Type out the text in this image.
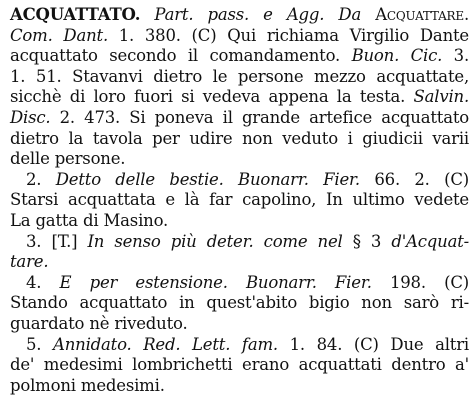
ACQUATTATO. Part. pass. e Agg. Da Acquattare.
Com. Dant. 1. 380. (C) Qui richiama Virgilio Dante
acquattato secondo il comandamento. Buon. Cic. 3.
1. 51. Stavanvi dietro le persone mezzo acquattate,
sicchè di loro fuori si vedeva appena la testa. Salvin.
Disc. 2. 473. Si poneva il grande artefice acquattato
dietro la tavola per udire non veduto i giudicii varii
delle persone.
2. Detto delle bestie. Buonarr. Fier. 66. 2. (C)
Starsi acquattata e là far capolino, In ultimo vedete
La gatta di Masino.
3. [T.] In senso più deter. come nel § 3 d'Acquat-
tare.
4. E per estensione. Buonarr. Fier. 198. (C)
Stando acquattato in quest'abito bigio non sarò ri-
guardato nè riveduto.
5. Annidato. Red. Lett. fam. 1. 84. (C) Due altri
de' medesimi lombrichetti erano acquattati dentro a'
polmoni medesimi.
